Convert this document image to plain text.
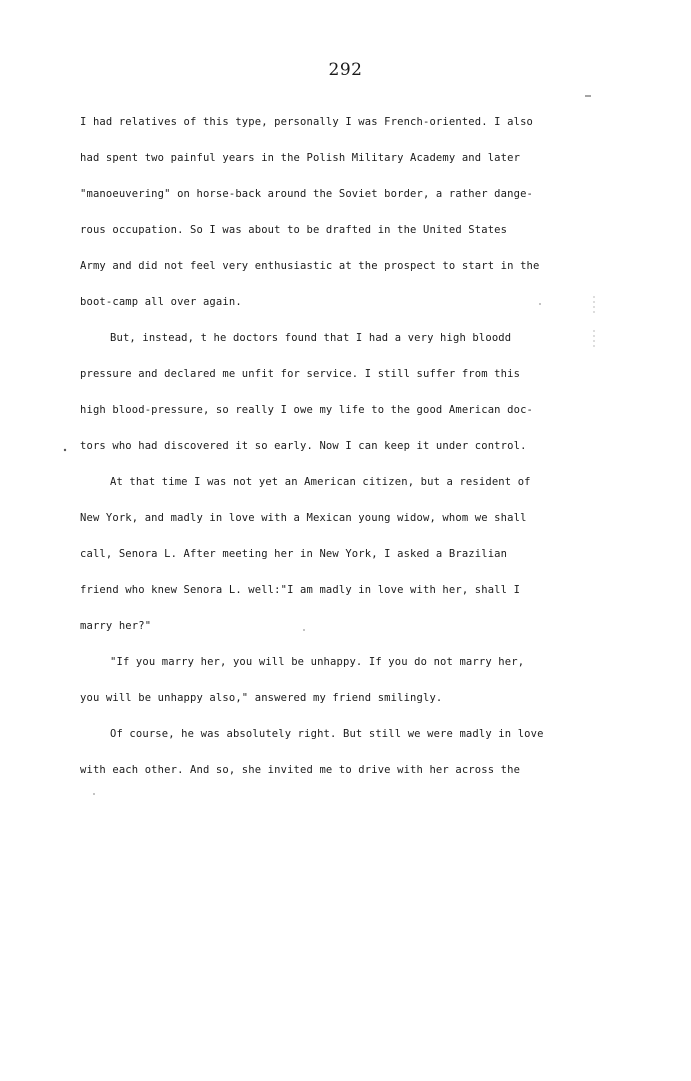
292
I had relatives of this type, personally I was French-oriented. I also
had spent two painful years in the Polish Military Academy and later
"manoeuvering" on horse-back around the Soviet border, a rather dange-
rous occupation. So I was about to be drafted in the United States
Army and did not feel very enthusiastic at the prospect to start in the
boot-camp all over again.
But, instead, t he doctors found that I had a very high bloodd
pressure and declared me unfit for service. I still suffer from this
high blood-pressure, so really I owe my life to the good American doc-
tors who had discovered it so early. Now I can keep it under control.
At that time I was not yet an American citizen, but a resident of
New York, and madly in love with a Mexican young widow, whom we shall
call, Senora L. After meeting her in New York, I asked a Brazilian
friend who knew Senora L. well:"I am madly in love with her, shall I
marry her?"
"If you marry her, you will be unhappy. If you do not marry her,
you will be unhappy also," answered my friend smilingly.
Of course, he was absolutely right. But still we were madly in love
with each other. And so, she invited me to drive with her across the
